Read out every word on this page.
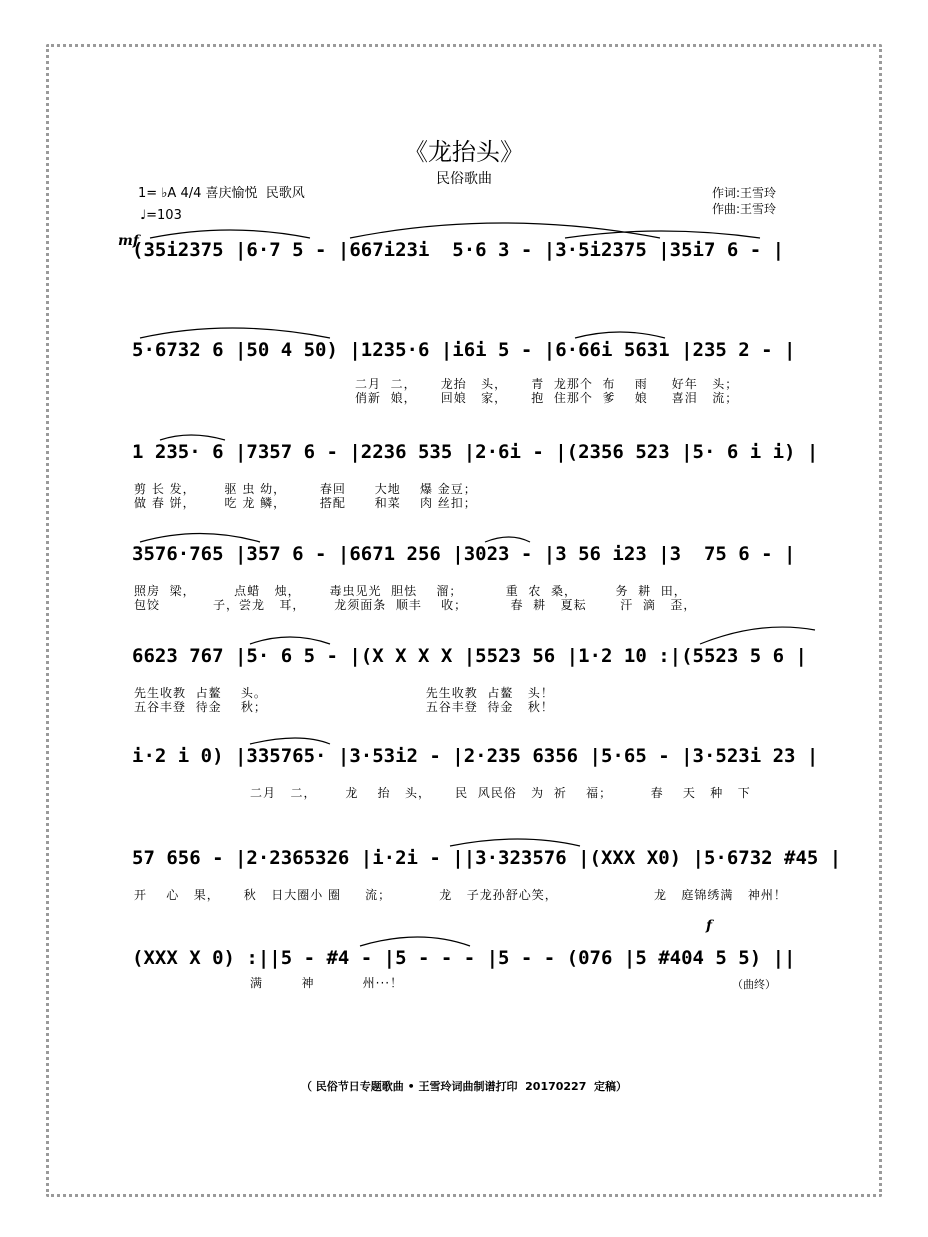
《龙抬头》
民俗歌曲
1= ♭A 4/4 喜庆愉悦  民歌风
♩=103
作词:王雪玲
作曲:王雪玲
mf
(35i2375 |6·7 5 - |667i23i  5·6 3 - |3·5i2375 |35i7 6 - |
5·6732 6 |50 4 50) |1235·6 |i6i 5 - |6·66i 5631 |235 2 - |
二月  二，     龙抬   头，     青  龙那个  布    雨     好年   头；
俏新  娘，     回娘   家，     抱  住那个  爹    娘     喜泪   流；
1 235· 6 |7357 6 - |2236 535 |2·6i - |(2356 523 |5· 6 i i) |
剪 长 发，      驱 虫 幼，       春回      大地    爆 金豆；
做 春 饼，      吃 龙 鳞，       搭配      和菜    肉 丝扣；
3576·765 |357 6 - |6671 256 |3023 - |3 56 i23 |3  75 6 - |
照房  梁，        点蜡   烛，      毒虫见光  胆怯    溜；         重  农  桑，        务  耕  田，
包饺           子，尝龙   耳，      龙须面条  顺丰    收；         春  耕   夏耘       汗  滴   歪，
6623 767 |5· 6 5 - |(X X X X |5523 56 |1·2 10 :|(5523 5 6 |
先生收教  占鳌    头。                                 先生收教  占鳌   头！
五谷丰登  待金    秋；                                 五谷丰登  待金   秋！
i·2 i 0) |335765· |3·53i2 - |2·235 6356 |5·65 - |3·523i 23 |
二月   二，      龙    抬   头，     民  风民俗   为  祈    福；        春    天   种   下
57 656 - |2·2365326 |i·2i - ||3·323576 |(XXX X0) |5·6732 #45 |
开    心   果，     秋   日大圈小 圈     流；          龙   子龙孙舒心笑，                    龙   庭锦绣满   神州！
f
(XXX X 0) :||5 - #4 - |5 - - - |5 - - (076 |5 #404 5 5) ||
满        神          州···！	（曲终）
（ 民俗节日专题歌曲 • 王雪玲词曲制谱打印  20170227  定稿）
